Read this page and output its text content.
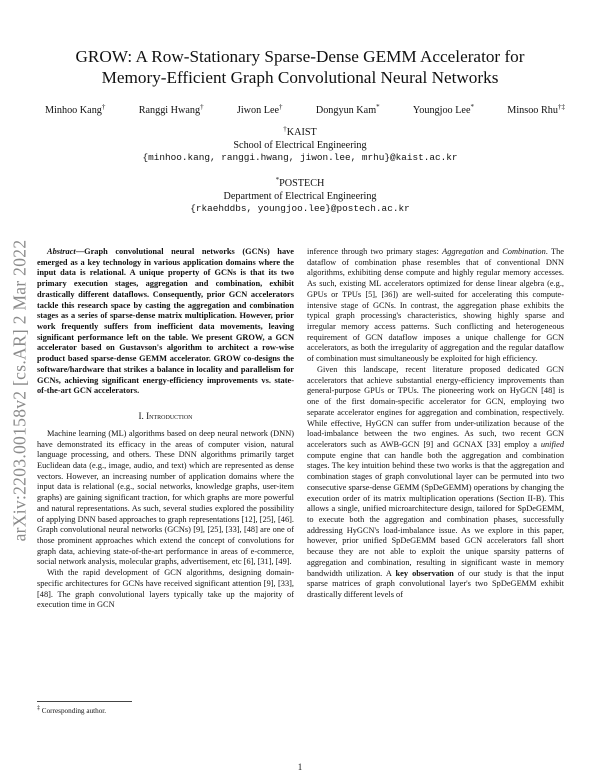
arXiv:2203.00158v2 [cs.AR] 2 Mar 2022
GROW: A Row-Stationary Sparse-Dense GEMM Accelerator for
Memory-Efficient Graph Convolutional Neural Networks
Minhoo Kang†	Ranggi Hwang†	Jiwon Lee†	Dongyun Kam*	Youngjoo Lee*	Minsoo Rhu†‡
†KAIST
School of Electrical Engineering
{minhoo.kang, ranggi.hwang, jiwon.lee, mrhu}@kaist.ac.kr
*POSTECH
Department of Electrical Engineering
{rkaehddbs, youngjoo.lee}@postech.ac.kr

Abstract—Graph convolutional neural networks (GCNs) have emerged as a key technology in various application domains where the input data is relational. A unique property of GCNs is that its two primary execution stages, aggregation and combination, exhibit drastically different dataflows. Consequently, prior GCN accelerators tackle this research space by casting the aggregation and combination stages as a series of sparse-dense matrix multiplication. However, prior work frequently suffers from inefficient data movements, leaving significant performance left on the table. We present GROW, a GCN accelerator based on Gustavson's algorithm to architect a row-wise product based sparse-dense GEMM accelerator. GROW co-designs the software/hardware that strikes a balance in locality and parallelism for GCNs, achieving significant energy-efficiency improvements vs. state-of-the-art GCN accelerators.

I. Introduction

Machine learning (ML) algorithms based on deep neural network (DNN) have demonstrated its efficacy in the areas of computer vision, natural language processing, and others. These DNN algorithms primarily target Euclidean data (e.g., image, audio, and text) which are represented as dense vectors. However, an increasing number of application domains where the input data is relational (e.g., social networks, knowledge graphs, user-item graphs) are gaining significant traction, for which graphs are more powerful and natural representations. As such, several studies explored the possibility of applying DNN based approaches to graph representations [12], [25], [46]. Graph convolutional neural networks (GCNs) [9], [25], [33], [48] are one of those prominent approaches which extend the concept of convolutions for graph data, achieving state-of-the-art performance in areas of e-commerce, social network analysis, molecular graphs, advertisement, etc [6], [31], [49].

With the rapid development of GCN algorithms, designing domain-specific architectures for GCNs have received significant attention [9], [33], [48]. The graph convolutional layers typically take up the majority of execution time in GCN

inference through two primary stages: Aggregation and Combination. The dataflow of combination phase resembles that of conventional DNN algorithms, exhibiting dense compute and highly regular memory accesses. As such, existing ML accelerators optimized for dense linear algebra (e.g., GPUs or TPUs [5], [36]) are well-suited for accelerating this compute-intensive stage of GCNs. In contrast, the aggregation phase exhibits the typical graph processing's characteristics, showing highly sparse and irregular memory access patterns. Such conflicting and heterogeneous requirement of GCN dataflow imposes a unique challenge for GCN accelerators, as both the irregularity of aggregation and the regular dataflow of combination must simultaneously be exploited for high efficiency.

Given this landscape, recent literature proposed dedicated GCN accelerators that achieve substantial energy-efficiency improvements than general-purpose GPUs or TPUs. The pioneering work on HyGCN [48] is one of the first domain-specific accelerator for GCN, employing two separate accelerator engines for aggregation and combination, respectively. While effective, HyGCN can suffer from under-utilization because of the load-imbalance between the two engines. As such, two recent GCN accelerators such as AWB-GCN [9] and GCNAX [33] employ a unified compute engine that can handle both the aggregation and combination stages. The key intuition behind these two works is that the aggregation and combination stages of graph convolutional layer can be permuted into two consecutive sparse-dense GEMM (SpDeGEMM) operations by changing the execution order of its matrix multiplication operations (Section II-B). This allows a single, unified microarchitecture design, tailored for SpDeGEMM, to execute both the aggregation and combination phases, successfully addressing HyGCN's load-imbalance issue. As we explore in this paper, however, prior unified SpDeGEMM based GCN accelerators fall short because they are not able to exploit the unique sparsity patterns of aggregation and combination, resulting in significant waste in memory bandwidth utilization. A key observation of our study is that the input sparse matrices of graph convolutional layer's two SpDeGEMM exhibit drastically different levels of

‡ Corresponding author.
1
